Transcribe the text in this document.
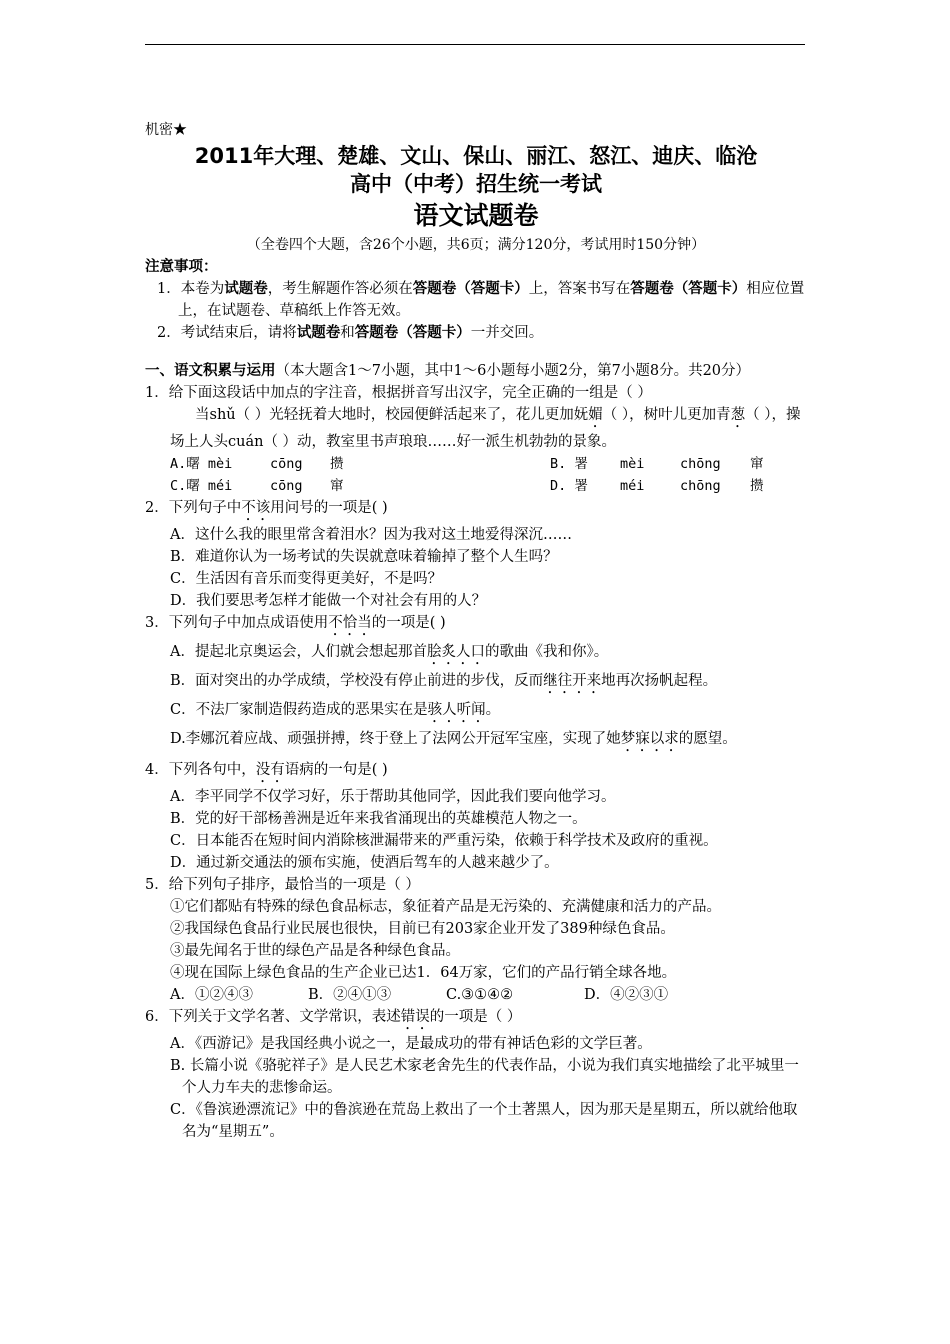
机密★
2011年大理、楚雄、文山、保山、丽江、怒江、迪庆、临沧
高中（中考）招生统一考试
语文试题卷
（全卷四个大题，含26个小题，共6页；满分120分，考试用时150分钟）
注意事项：
1．本卷为试题卷，考生解题作答必须在答题卷（答题卡）上，答案书写在答题卷（答题卡）相应位置上，在试题卷、草稿纸上作答无效。
2．考试结束后，请将试题卷和答题卷（答题卡）一并交回。
一、语文积累与运用（本大题含1～7小题，其中1～6小题每小题2分，第7小题8分。共20分）
1．给下面这段话中加点的字注音，根据拼音写出汉字，完全正确的一组是（ ）
当shǔ（ ）光轻抚着大地时，校园便鲜活起来了，花儿更加妩媚（ ），树叶儿更加青葱（ ），操场上人头cuán（ ）动，教室里书声琅琅……好一派生机勃勃的景象。
A.曙 mèi	cōng	攒	B. 署	mèi	chōng	窜
C.曙 méi	cōng	窜	D. 署	méi	chōng	攒
2．下列句子中不该用问号的一项是( )
A．这什么我的眼里常含着泪水？因为我对这土地爱得深沉……
B．难道你认为一场考试的失误就意味着输掉了整个人生吗？
C．生活因有音乐而变得更美好，不是吗？
D．我们要思考怎样才能做一个对社会有用的人？
3．下列句子中加点成语使用不恰当的一项是( )
A．提起北京奥运会，人们就会想起那首脍炙人口的歌曲《我和你》。
B．面对突出的办学成绩，学校没有停止前进的步伐，反而继往开来地再次扬帆起程。
C．不法厂家制造假药造成的恶果实在是骇人听闻。
D.李娜沉着应战、顽强拼搏，终于登上了法网公开冠军宝座，实现了她梦寐以求的愿望。
4．下列各句中，没有语病的一句是( )
A．李平同学不仅学习好，乐于帮助其他同学，因此我们要向他学习。
B．党的好干部杨善洲是近年来我省涌现出的英雄模范人物之一。
C．日本能否在短时间内消除核泄漏带来的严重污染，依赖于科学技术及政府的重视。
D．通过新交通法的颁布实施，使酒后驾车的人越来越少了。
5．给下列句子排序，最恰当的一项是（ ）
①它们都贴有特殊的绿色食品标志，象征着产品是无污染的、充满健康和活力的产品。
②我国绿色食品行业民展也很快，目前已有203家企业开发了389种绿色食品。
③最先闻名于世的绿色产品是各种绿色食品。
④现在国际上绿色食品的生产企业已达1．64万家，它们的产品行销全球各地。
A．①②④③	B．②④①③	C.③①④②	D．④②③①
6．下列关于文学名著、文学常识，表述错误的一项是（ ）
A．《西游记》是我国经典小说之一，是最成功的带有神话色彩的文学巨著。
B. 长篇小说《骆驼祥子》是人民艺术家老舍先生的代表作品，小说为我们真实地描绘了北平城里一个人力车夫的悲惨命运。
C．《鲁滨逊漂流记》中的鲁滨逊在荒岛上救出了一个土著黑人，因为那天是星期五，所以就给他取名为“星期五”。
